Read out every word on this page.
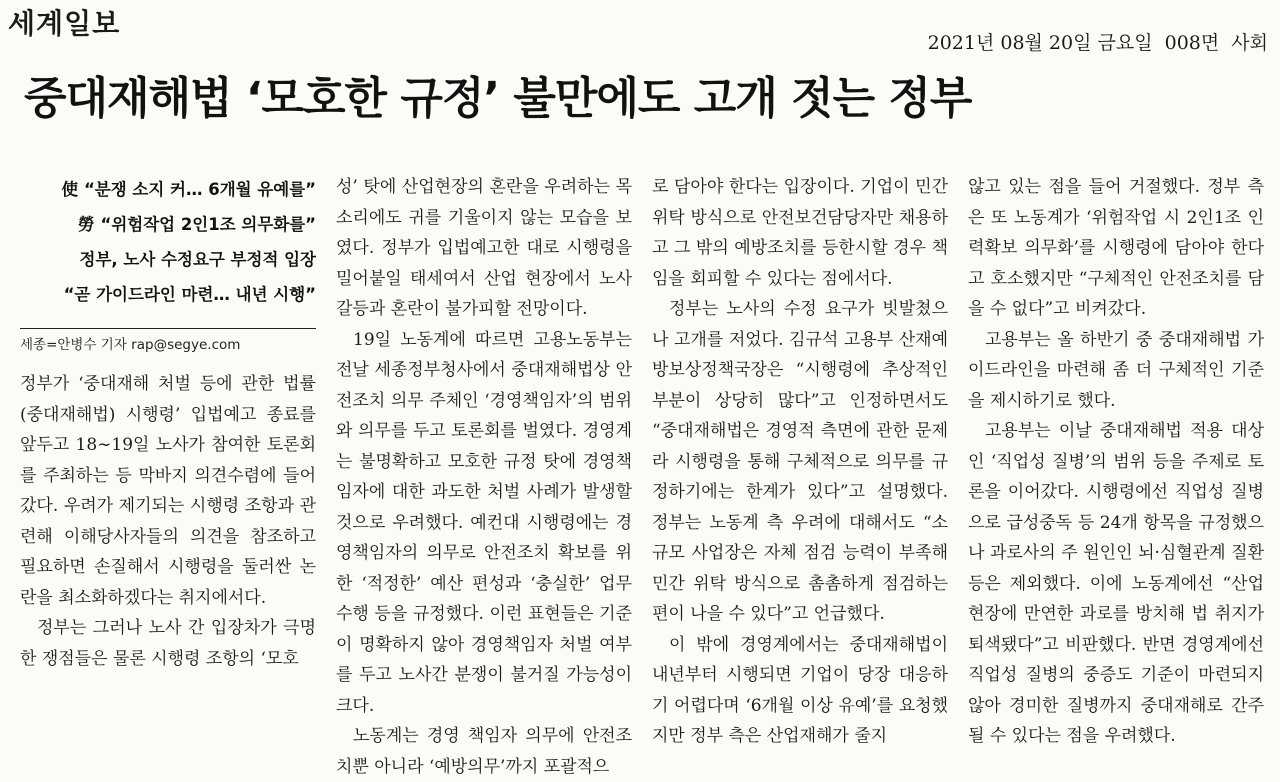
세계일보
2021년 08월 20일 금요일 008면 사회
중대재해법 ‘모호한 규정’ 불만에도 고개 젓는 정부
使 “분쟁 소지 커… 6개월 유예를”
勞 “위험작업 2인1조 의무화를”
정부, 노사 수정요구 부정적 입장
“곧 가이드라인 마련… 내년 시행”
세종=안병수 기자 rap@segye.com

정부가 ‘중대재해 처벌 등에 관한 법률(중대재해법) 시행령’ 입법예고 종료를 앞두고 18∼19일 노사가 참여한 토론회를 주최하는 등 막바지 의견수렴에 들어갔다. 우려가 제기되는 시행령 조항과 관련해 이해당사자들의 의견을 참조하고 필요하면 손질해서 시행령을 둘러싼 논란을 최소화하겠다는 취지에서다.

정부는 그러나 노사 간 입장차가 극명한 쟁점들은 물론 시행령 조항의 ‘모호

성’ 탓에 산업현장의 혼란을 우려하는 목소리에도 귀를 기울이지 않는 모습을 보였다. 정부가 입법예고한 대로 시행령을 밀어붙일 태세여서 산업 현장에서 노사 갈등과 혼란이 불가피할 전망이다.

19일 노동계에 따르면 고용노동부는 전날 세종정부청사에서 중대재해법상 안전조치 의무 주체인 ‘경영책임자’의 범위와 의무를 두고 토론회를 벌였다. 경영계는 불명확하고 모호한 규정 탓에 경영책임자에 대한 과도한 처벌 사례가 발생할 것으로 우려했다. 예컨대 시행령에는 경영책임자의 의무로 안전조치 확보를 위한 ‘적정한’ 예산 편성과 ‘충실한’ 업무 수행 등을 규정했다. 이런 표현들은 기준이 명확하지 않아 경영책임자 처벌 여부를 두고 노사간 분쟁이 불거질 가능성이 크다.

노동계는 경영 책임자 의무에 안전조치뿐 아니라 ‘예방의무’까지 포괄적으

로 담아야 한다는 입장이다. 기업이 민간 위탁 방식으로 안전보건담당자만 채용하고 그 밖의 예방조치를 등한시할 경우 책임을 회피할 수 있다는 점에서다.

정부는 노사의 수정 요구가 빗발쳤으나 고개를 저었다. 김규석 고용부 산재예방보상정책국장은 “시행령에 추상적인 부분이 상당히 많다”고 인정하면서도 “중대재해법은 경영적 측면에 관한 문제라 시행령을 통해 구체적으로 의무를 규정하기에는 한계가 있다”고 설명했다. 정부는 노동계 측 우려에 대해서도 “소규모 사업장은 자체 점검 능력이 부족해 민간 위탁 방식으로 촘촘하게 점검하는 편이 나을 수 있다”고 언급했다.

이 밖에 경영계에서는 중대재해법이 내년부터 시행되면 기업이 당장 대응하기 어렵다며 ‘6개월 이상 유예’를 요청했지만 정부 측은 산업재해가 줄지

않고 있는 점을 들어 거절했다. 정부 측은 또 노동계가 ‘위험작업 시 2인1조 인력확보 의무화’를 시행령에 담아야 한다고 호소했지만 “구체적인 안전조치를 담을 수 없다”고 비켜갔다.

고용부는 올 하반기 중 중대재해법 가이드라인을 마련해 좀 더 구체적인 기준을 제시하기로 했다.

고용부는 이날 중대재해법 적용 대상인 ‘직업성 질병’의 범위 등을 주제로 토론을 이어갔다. 시행령에선 직업성 질병으로 급성중독 등 24개 항목을 규정했으나 과로사의 주 원인인 뇌·심혈관계 질환 등은 제외했다. 이에 노동계에선 “산업 현장에 만연한 과로를 방치해 법 취지가 퇴색됐다”고 비판했다. 반면 경영계에선 직업성 질병의 중증도 기준이 마련되지 않아 경미한 질병까지 중대재해로 간주될 수 있다는 점을 우려했다.
